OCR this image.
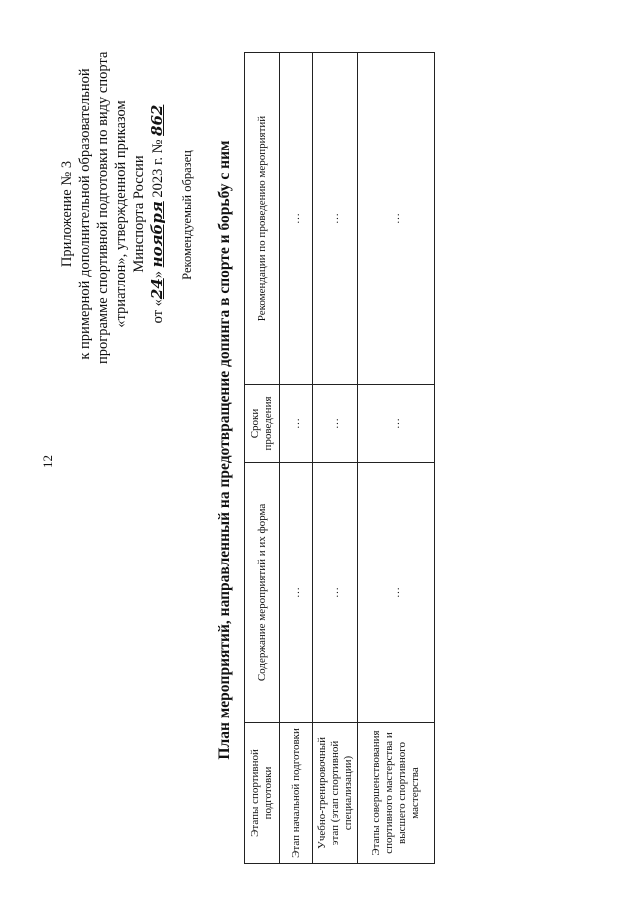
12
Приложение № 3 к примерной дополнительной образовательной программе спортивной подготовки по виду спорта «триатлон», утвержденной приказом Минспорта России
от «24» ноября 2023 г. № 862
Рекомендуемый образец План мероприятий, направленный на предотвращение допинга в спорте и борьбу с ним
Этапы спортивной подготовки	Содержание мероприятий и их форма	Сроки проведения	Рекомендации по проведению мероприятий
Этап начальной подготовки	…	…	…
Учебно-тренировочный этап (этап спортивной специализации)	…	…	…
Этапы совершенствования спортивного мастерства и высшего спортивного мастерства	…	…	…
